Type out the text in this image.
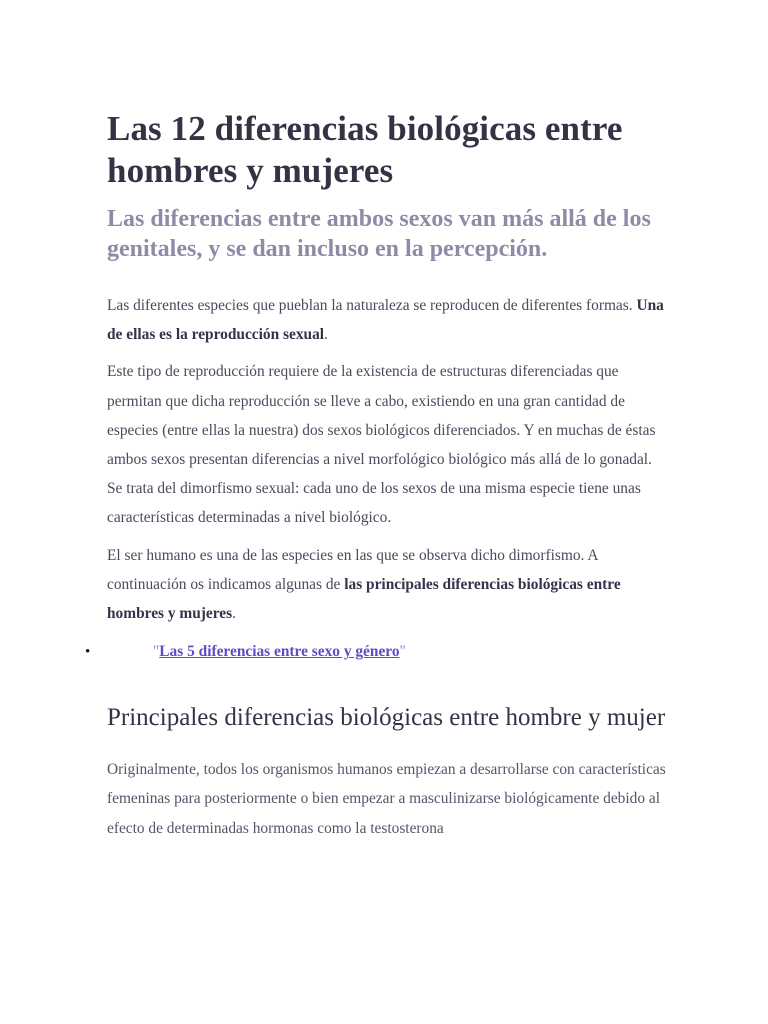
Las 12 diferencias biológicas entre hombres y mujeres
Las diferencias entre ambos sexos van más allá de los genitales, y se dan incluso en la percepción.

Las diferentes especies que pueblan la naturaleza se reproducen de diferentes formas. Una de ellas es la reproducción sexual.

Este tipo de reproducción requiere de la existencia de estructuras diferenciadas que permitan que dicha reproducción se lleve a cabo, existiendo en una gran cantidad de especies (entre ellas la nuestra) dos sexos biológicos diferenciados. Y en muchas de éstas ambos sexos presentan diferencias a nivel morfológico biológico más allá de lo gonadal. Se trata del dimorfismo sexual: cada uno de los sexos de una misma especie tiene unas características determinadas a nivel biológico.

El ser humano es una de las especies en las que se observa dicho dimorfismo. A continuación os indicamos algunas de las principales diferencias biológicas entre hombres y mujeres.

•	"Las 5 diferencias entre sexo y género"
Principales diferencias biológicas entre hombre y mujer

Originalmente, todos los organismos humanos empiezan a desarrollarse con características femeninas para posteriormente o bien empezar a masculinizarse biológicamente debido al efecto de determinadas hormonas como la testosterona
